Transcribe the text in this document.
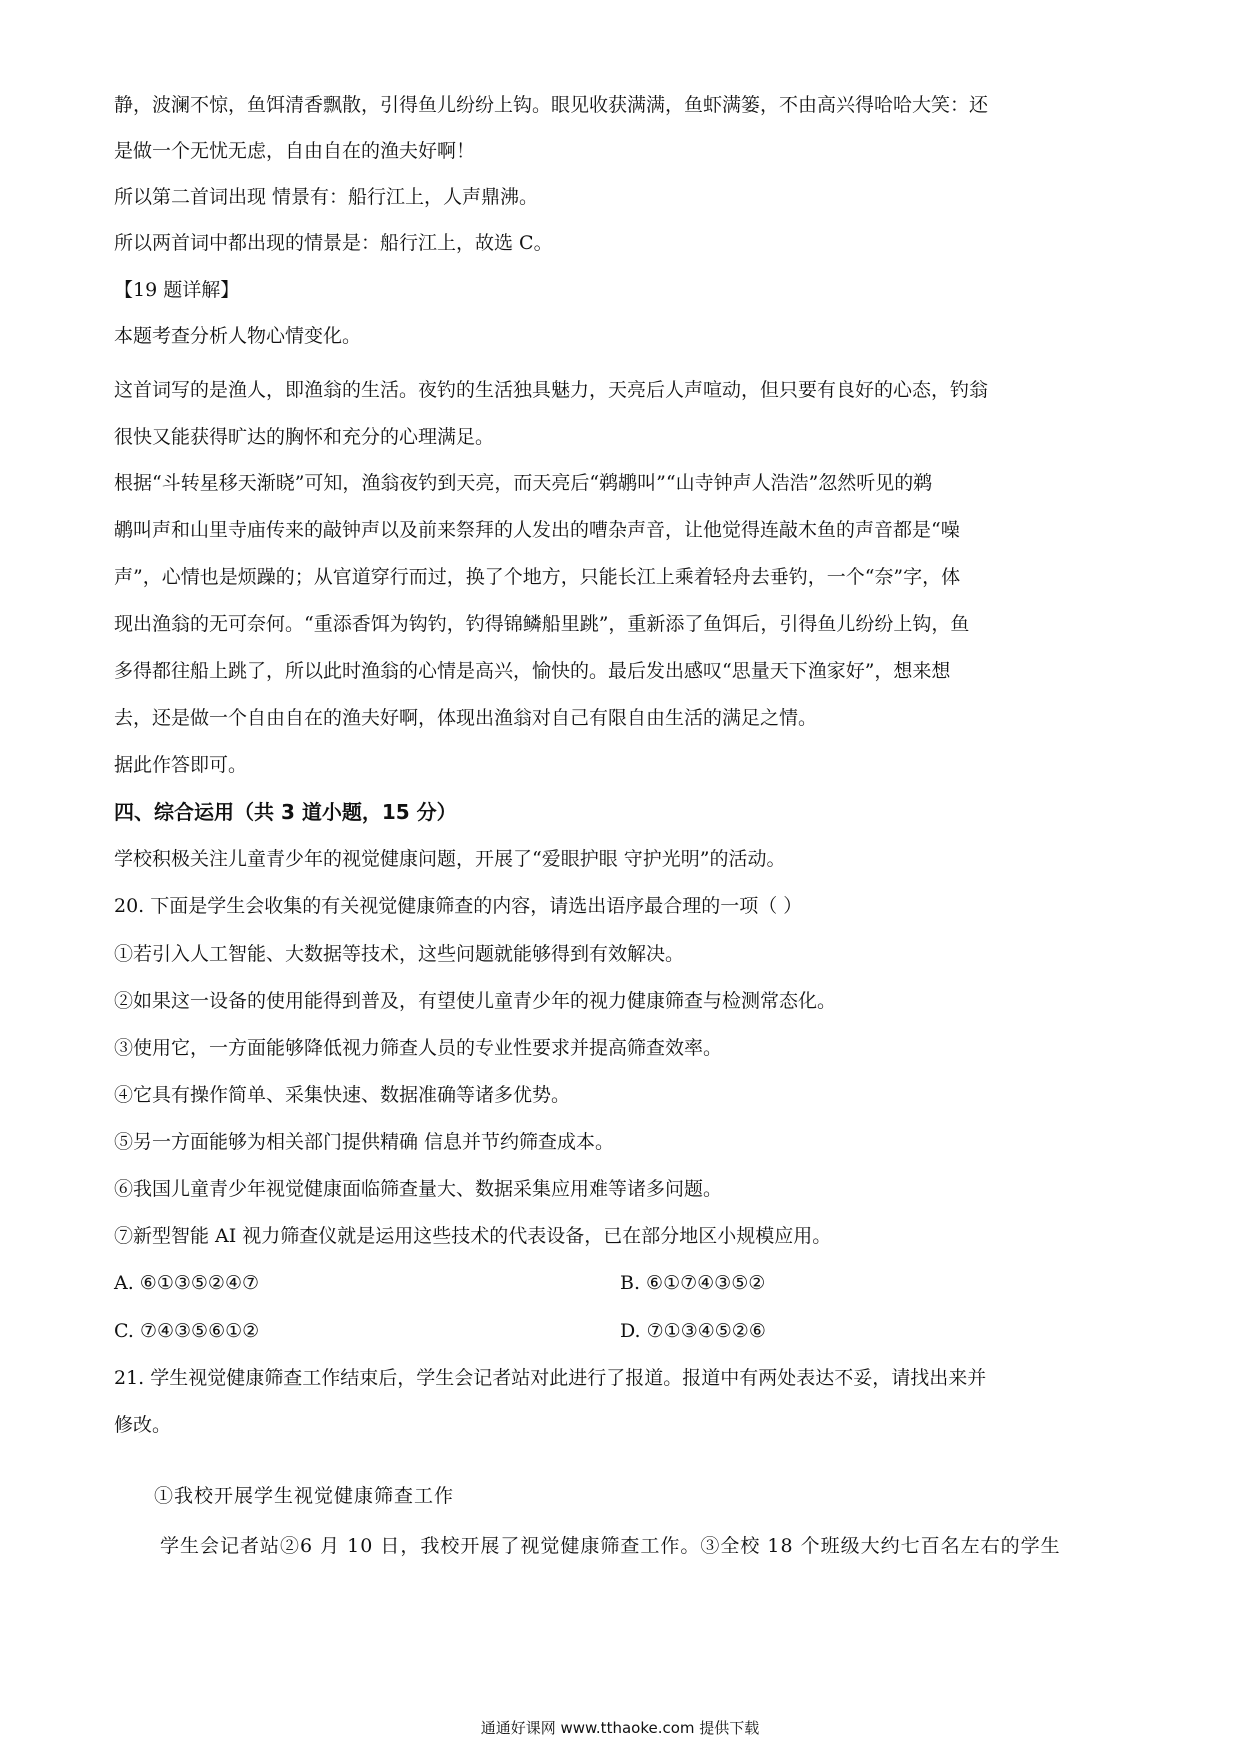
静，波澜不惊，鱼饵清香飘散，引得鱼儿纷纷上钩。眼见收获满满，鱼虾满篓，不由高兴得哈哈大笑：还

是做一个无忧无虑，自由自在的渔夫好啊！

所以第二首词出现 情景有：船行江上，人声鼎沸。

所以两首词中都出现的情景是：船行江上，故选 C。

【19 题详解】

本题考查分析人物心情变化。

这首词写的是渔人，即渔翁的生活。夜钓的生活独具魅力，天亮后人声喧动，但只要有良好的心态，钓翁

很快又能获得旷达的胸怀和充分的心理满足。

根据“斗转星移天渐晓”可知，渔翁夜钓到天亮，而天亮后“鹈鹕叫”“山寺钟声人浩浩”忽然听见的鹈

鹕叫声和山里寺庙传来的敲钟声以及前来祭拜的人发出的嘈杂声音，让他觉得连敲木鱼的声音都是“噪

声”，心情也是烦躁的；从官道穿行而过，换了个地方，只能长江上乘着轻舟去垂钓，一个“奈”字，体

现出渔翁的无可奈何。“重添香饵为钩钓，钓得锦鳞船里跳”，重新添了鱼饵后，引得鱼儿纷纷上钩，鱼

多得都往船上跳了，所以此时渔翁的心情是高兴，愉快的。最后发出感叹“思量天下渔家好”，想来想

去，还是做一个自由自在的渔夫好啊，体现出渔翁对自己有限自由生活的满足之情。

据此作答即可。

四、综合运用（共 3 道小题，15 分）

学校积极关注儿童青少年的视觉健康问题，开展了“爱眼护眼 守护光明”的活动。

20. 下面是学生会收集的有关视觉健康筛查的内容，请选出语序最合理的一项（ ）

①若引入人工智能、大数据等技术，这些问题就能够得到有效解决。

②如果这一设备的使用能得到普及，有望使儿童青少年的视力健康筛查与检测常态化。

③使用它，一方面能够降低视力筛查人员的专业性要求并提高筛查效率。

④它具有操作简单、采集快速、数据准确等诸多优势。

⑤另一方面能够为相关部门提供精确 信息并节约筛查成本。

⑥我国儿童青少年视觉健康面临筛查量大、数据采集应用难等诸多问题。

⑦新型智能 AI 视力筛查仪就是运用这些技术的代表设备，已在部分地区小规模应用。

A. ⑥①③⑤②④⑦	B. ⑥①⑦④③⑤②
C. ⑦④③⑤⑥①②	D. ⑦①③④⑤②⑥

21. 学生视觉健康筛查工作结束后，学生会记者站对此进行了报道。报道中有两处表达不妥，请找出来并

修改。

①我校开展学生视觉健康筛查工作

学生会记者站②6 月 10 日，我校开展了视觉健康筛查工作。③全校 18 个班级大约七百名左右的学生

通通好课网 www.tthaoke.com 提供下载
